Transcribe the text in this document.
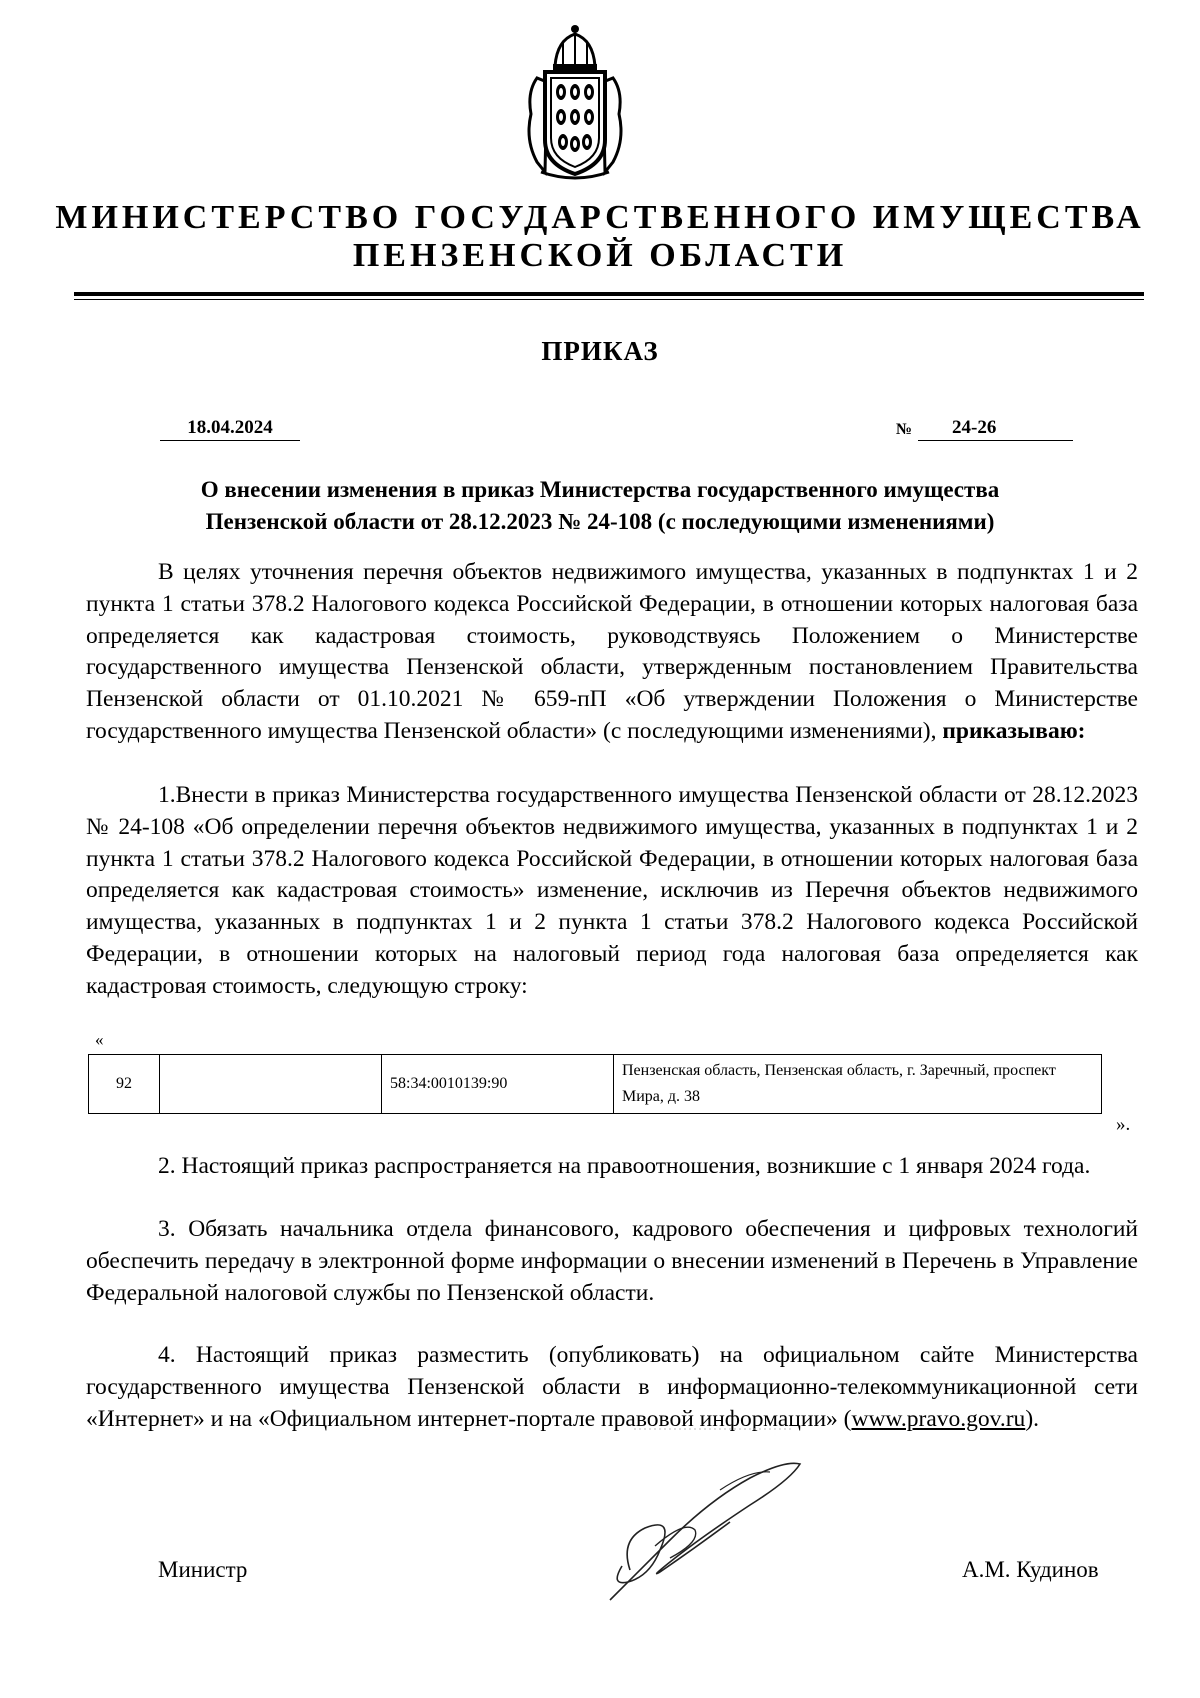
МИНИСТЕРСТВО ГОСУДАРСТВЕННОГО ИМУЩЕСТВА
ПЕНЗЕНСКОЙ ОБЛАСТИ
ПРИКАЗ
18.04.2024	№	24-26
О внесении изменения в приказ Министерства государственного имущества
Пензенской области от 28.12.2023 № 24-108 (с последующими изменениями)

В целях уточнения перечня объектов недвижимого имущества, указанных в подпунктах 1 и 2 пункта 1 статьи 378.2 Налогового кодекса Российской Федерации, в отношении которых налоговая база определяется как кадастровая стоимость, руководствуясь Положением о Министерстве государственного имущества Пензенской области, утвержденным постановлением Правительства Пензенской области от 01.10.2021 № 659-пП «Об утверждении Положения о Министерстве государственного имущества Пензенской области» (с последующими изменениями), приказываю:

1.Внести в приказ Министерства государственного имущества Пензенской области от 28.12.2023 № 24-108 «Об определении перечня объектов недвижимого имущества, указанных в подпунктах 1 и 2 пункта 1 статьи 378.2 Налогового кодекса Российской Федерации, в отношении которых налоговая база определяется как кадастровая стоимость» изменение, исключив из Перечня объектов недвижимого имущества, указанных в подпунктах 1 и 2 пункта 1 статьи 378.2 Налогового кодекса Российской Федерации, в отношении которых на налоговый период года налоговая база определяется как кадастровая стоимость, следующую строку:

«
92		58:34:0010139:90	Пензенская область, Пензенская область, г. Заречный, проспект Мира, д. 38
».

2. Настоящий приказ распространяется на правоотношения, возникшие с 1 января 2024 года.

3. Обязать начальника отдела финансового, кадрового обеспечения и цифровых технологий обеспечить передачу в электронной форме информации о внесении изменений в Перечень в Управление Федеральной налоговой службы по Пензенской области.

4. Настоящий приказ разместить (опубликовать) на официальном сайте Министерства государственного имущества Пензенской области в информационно-телекоммуникационной сети «Интернет» и на «Официальном интернет-портале правовой информации» (www.pravo.gov.ru).

Министр	А.М. Кудинов
